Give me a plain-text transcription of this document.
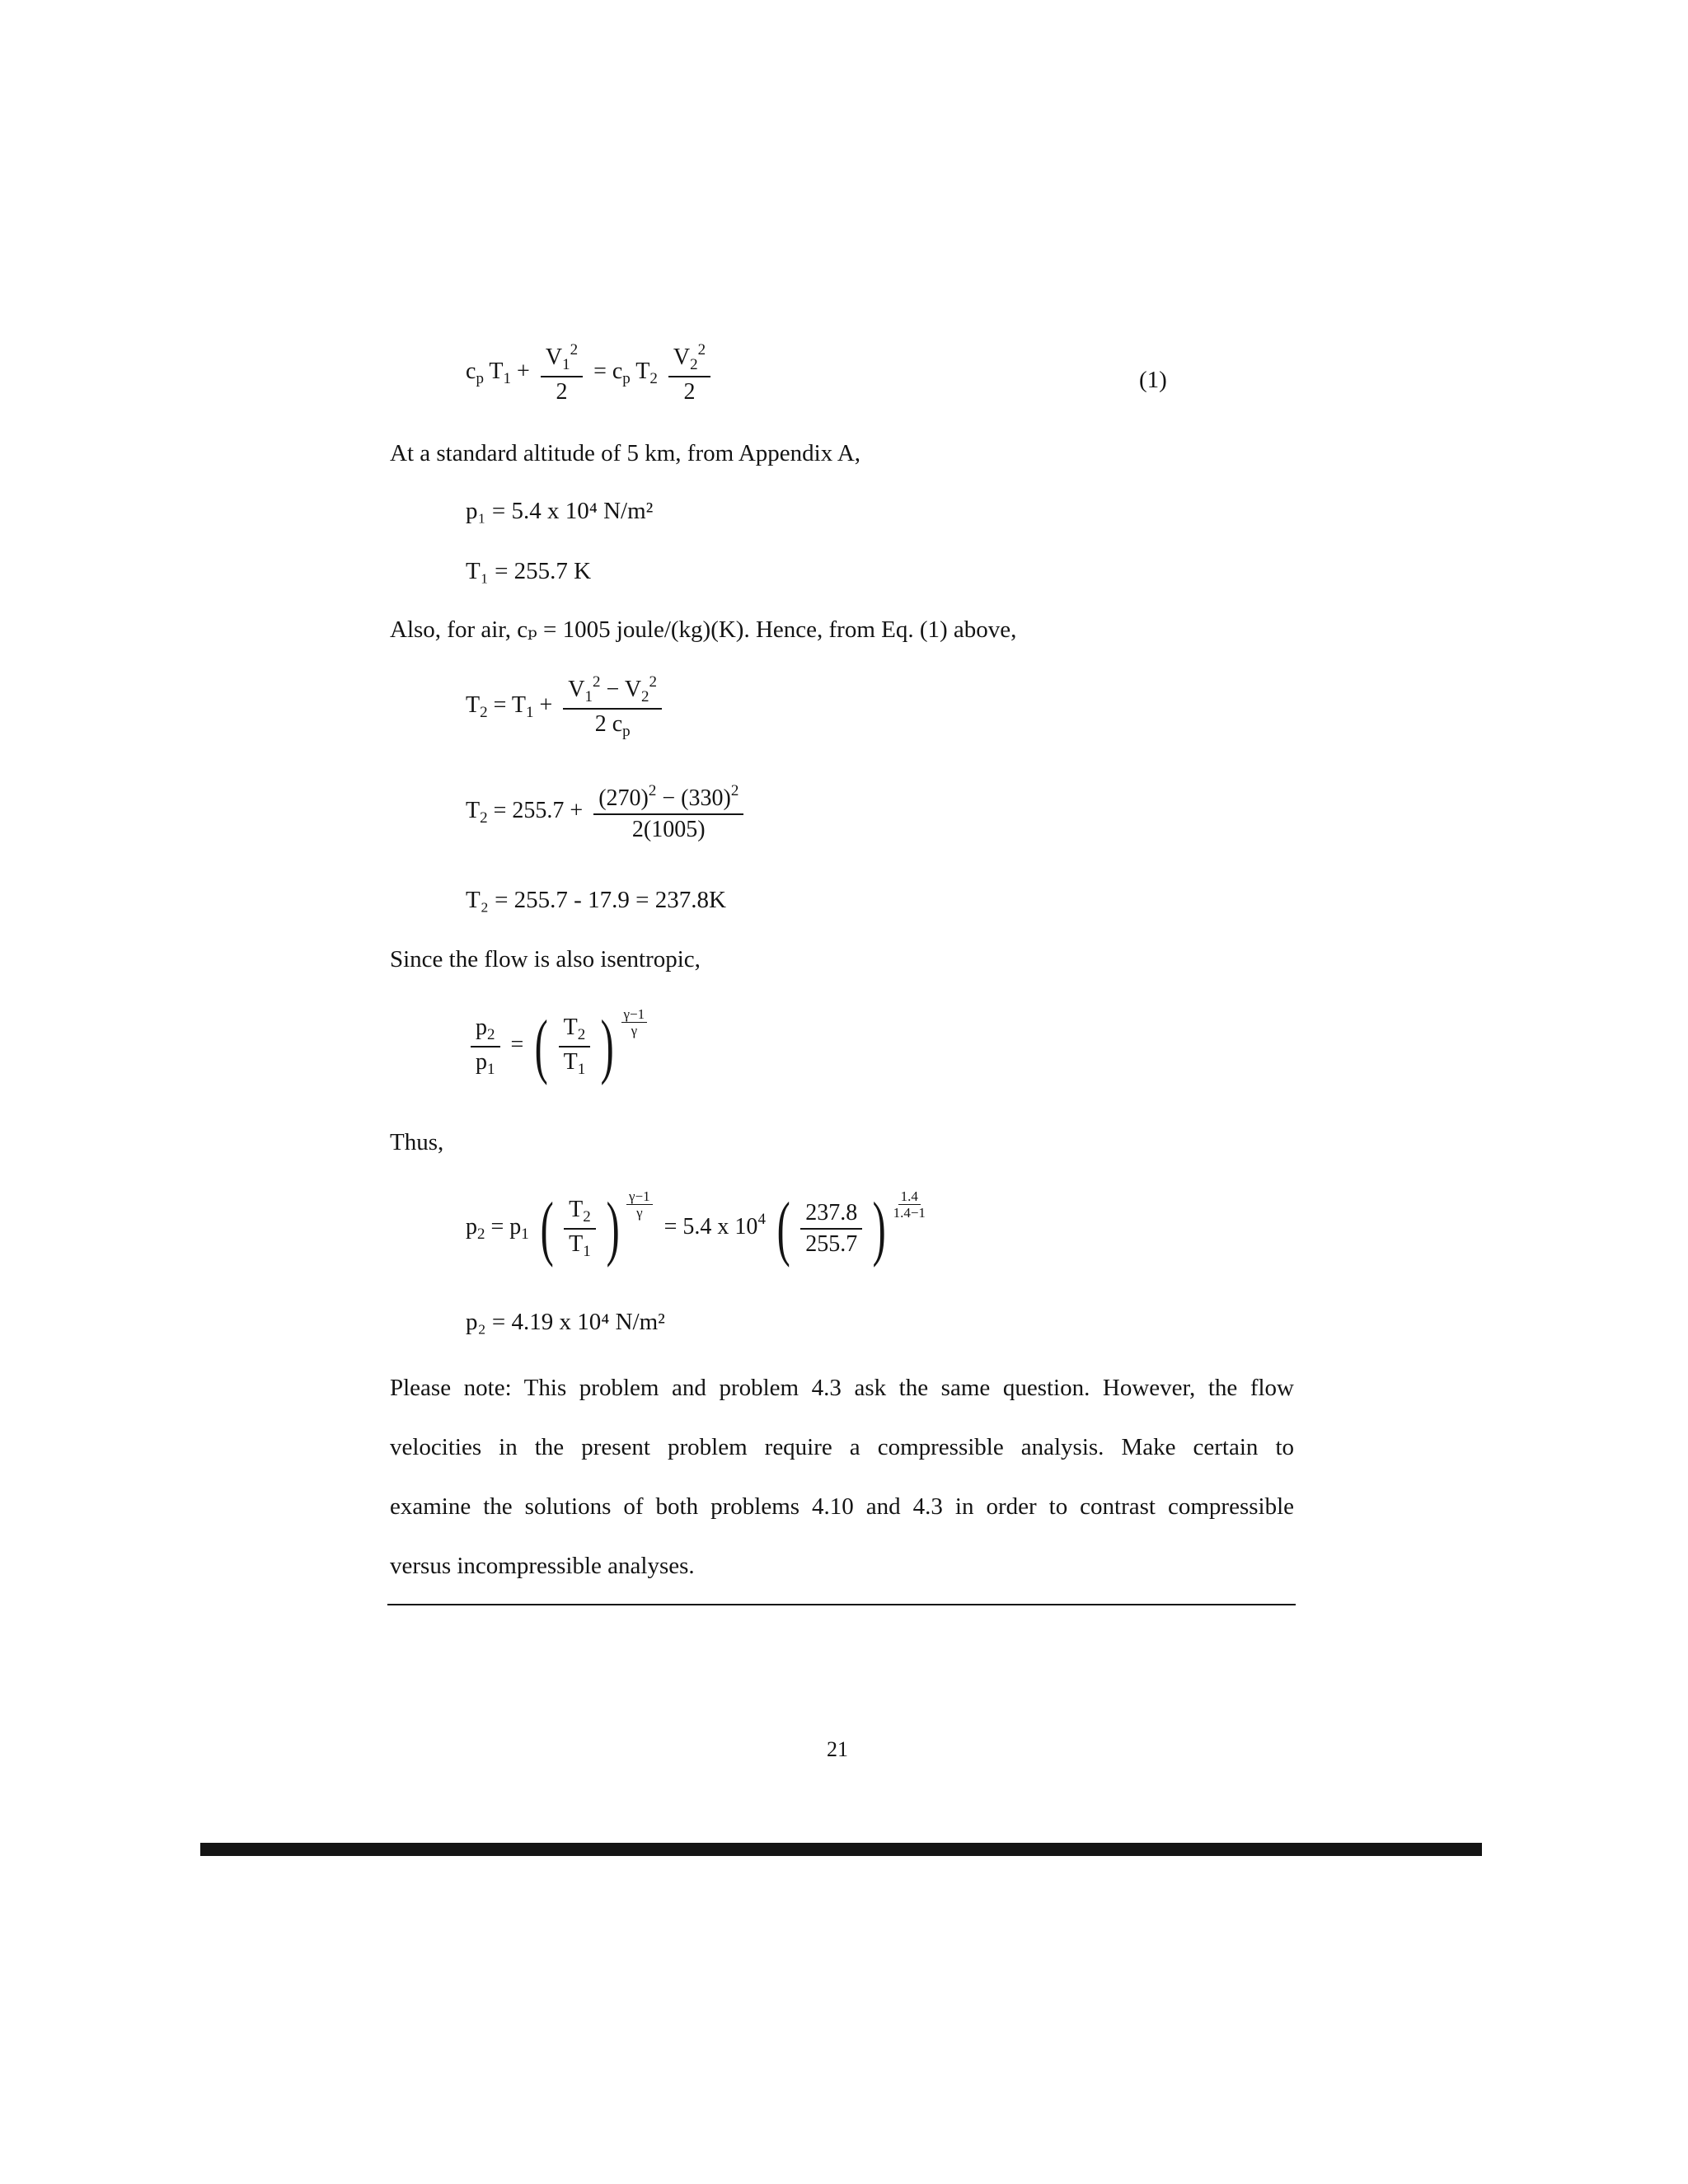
$c_p$ $T_1 + \frac{V_1^2}{2} = c_p$ $T_2 \frac{V_2^2}{2}$	(1)
At a standard altitude of 5 km, from Appendix A,
p₁ = 5.4 x 10⁴ N/m²
T₁ = 255.7 K
Also, for air, cₚ = 1005 joule/(kg)(K). Hence, from Eq. (1) above,
$T_2 = T_1 + \frac{V_1^2 - V_2^2}{2 c_p}$
$T_2 = 255.7 + \frac{(270)^2 - (330)^2}{2(1005)}$
T₂ = 255.7 - 17.9 = 237.8K
Since the flow is also isentropic,
$\frac{p_2}{p_1}$ = ( $\frac{T_2}{T_1}$ ) $\frac{\gamma-1}{\gamma}$
Thus,
$p_2 = p_1$ ( $\frac{T_2}{T_1}$ ) $\frac{\gamma-1}{\gamma}$
= 5.4 x $10^4$ ( $\frac{237.8}{255.7}$ ) $\frac{1.4}{1.4-1}$
p₂ = 4.19 x 10⁴ N/m²
Please note: This problem and problem 4.3 ask the same question. However, the flow
velocities in the present problem require a compressible analysis. Make certain to
examine the solutions of both problems 4.10 and 4.3 in order to contrast compressible
versus incompressible analyses.
21
